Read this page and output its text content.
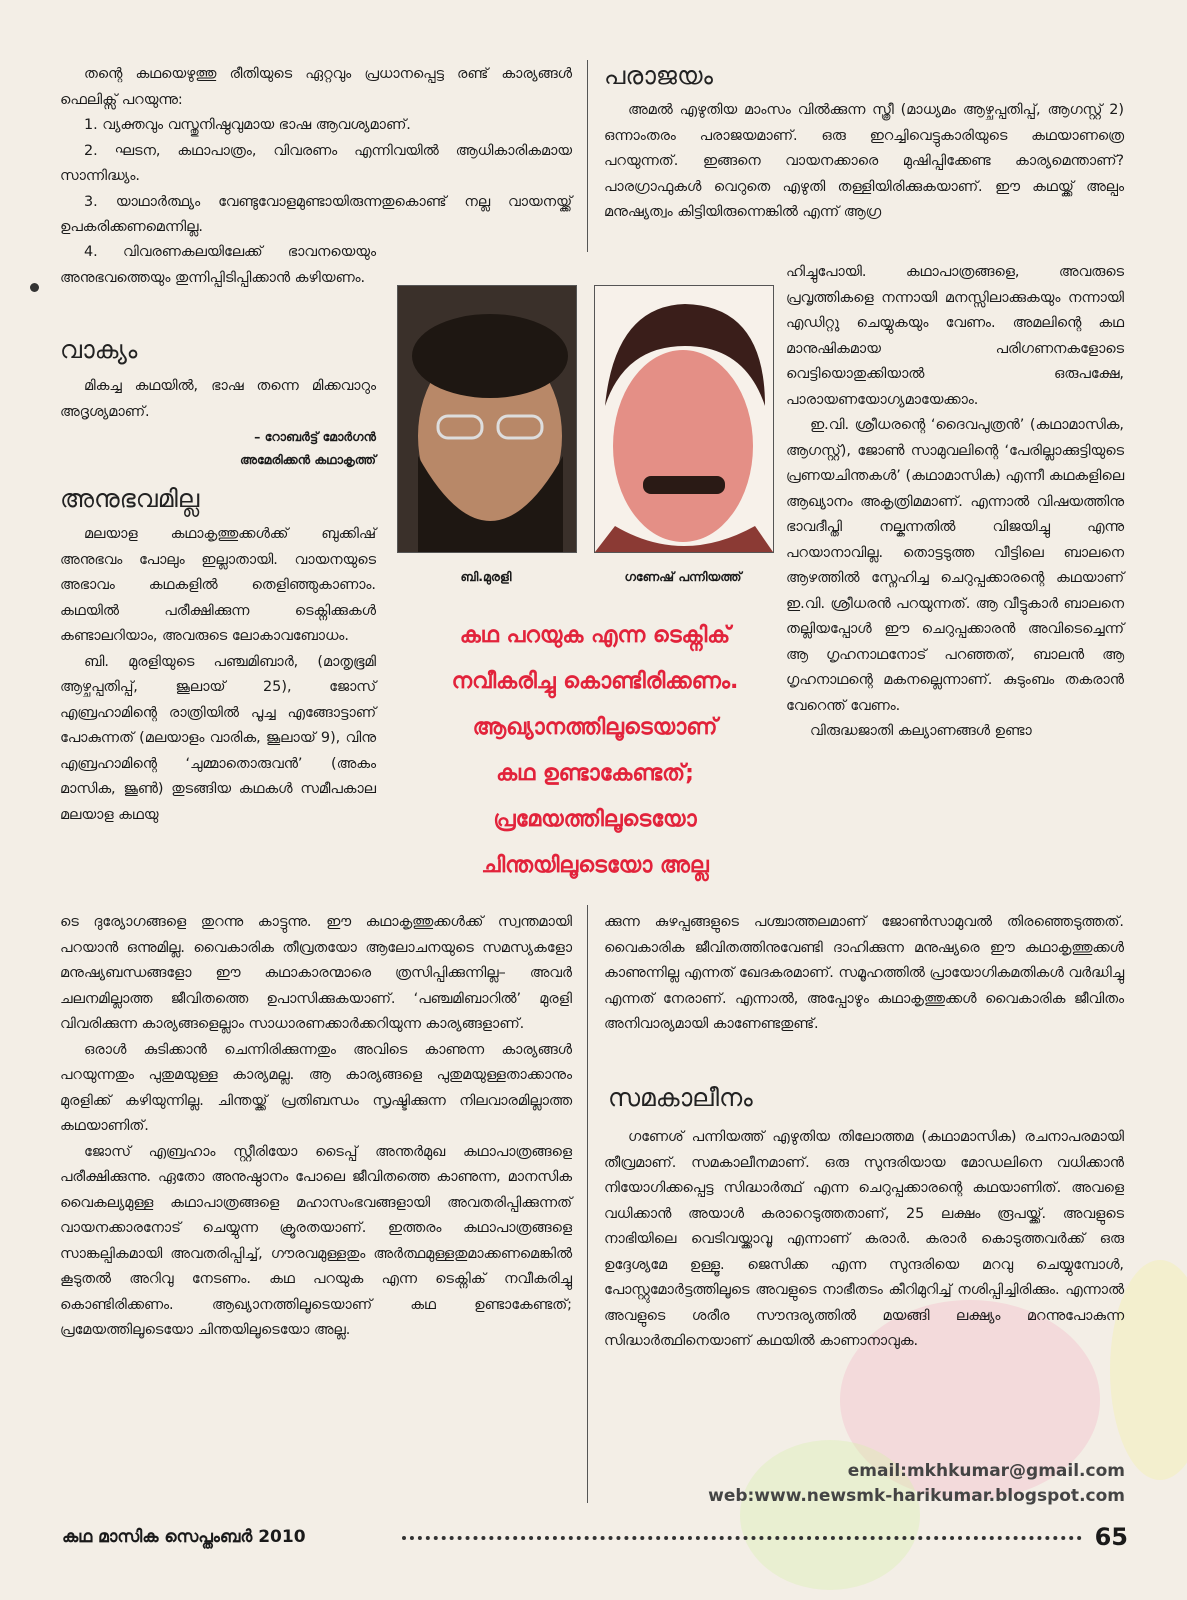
തന്റെ കഥയെഴുത്തു രീതിയുടെ ഏറ്റവും പ്രധാനപ്പെട്ട രണ്ട് കാര്യങ്ങൾ ഫെലിക്സ് പറയുന്നു:

1. വ്യക്തവും വസ്തുനിഷ്ഠവുമായ ഭാഷ ആവശ്യമാണ്.

2. ഘടന, കഥാപാത്രം, വിവരണം എന്നിവയിൽ ആധികാരികമായ സാന്നിദ്ധ്യം.

3. യാഥാർത്ഥ്യം വേണ്ടുവോളമുണ്ടായിരുന്നതുകൊണ്ട് നല്ല വായനയ്ക്ക് ഉപകരിക്കണമെന്നില്ല.

4. വിവരണകലയിലേക്ക് ഭാവനയെയും അനുഭവത്തെയും തുന്നിപ്പിടിപ്പിക്കാൻ കഴിയണം.

വാക്യം

മികച്ച കഥയിൽ, ഭാഷ തന്നെ മിക്കവാറും അദൃശ്യമാണ്.

– റോബർട്ട് മോർഗൻ

അമേരിക്കൻ കഥാകൃത്ത്

അനുഭവമില്ല

മലയാള കഥാകൃത്തുക്കൾക്ക് ബുക്കിഷ് അനുഭവം പോലും ഇല്ലാതായി. വായനയുടെ അഭാവം കഥകളിൽ തെളിഞ്ഞുകാണാം. കഥയിൽ പരീക്ഷിക്കുന്ന ടെക്നിക്കുകൾ കണ്ടാലറിയാം, അവരുടെ ലോകാവബോധം.

ബി. മുരളിയുടെ പഞ്ചമിബാർ, (മാതൃഭൂമി ആഴ്ചപ്പതിപ്പ്, ജൂലായ് 25), ജോസ് എബ്രഹാമിന്റെ രാത്രിയിൽ പൂച്ച എങ്ങോട്ടാണ് പോകുന്നത് (മലയാളം വാരിക, ജൂലായ് 9), വിനു എബ്രഹാമിന്റെ ‘ചുമ്മാതൊരുവൻ’ (അകം മാസിക, ജൂൺ) തുടങ്ങിയ കഥകൾ സമീപകാല മലയാള കഥയു

ടെ ദുര്യോഗങ്ങളെ തുറന്നു കാട്ടുന്നു. ഈ കഥാകൃത്തുക്കൾക്ക് സ്വന്തമായി പറയാൻ ഒന്നുമില്ല. വൈകാരിക തീവ്രതയോ ആലോചനയുടെ സമസ്യകളോ മനുഷ്യബന്ധങ്ങളോ ഈ കഥാകാരന്മാരെ ത്രസിപ്പിക്കുന്നില്ല– അവർ ചലനമില്ലാത്ത ജീവിതത്തെ ഉപാസിക്കുകയാണ്. ‘പഞ്ചമിബാറിൽ’ മുരളി വിവരിക്കുന്ന കാര്യങ്ങളെല്ലാം സാധാരണക്കാർക്കറിയുന്ന കാര്യങ്ങളാണ്.

ഒരാൾ കുടിക്കാൻ ചെന്നിരിക്കുന്നതും അവിടെ കാണുന്ന കാര്യങ്ങൾ പറയുന്നതും പുതുമയുള്ള കാര്യമല്ല. ആ കാര്യങ്ങളെ പുതുമയുള്ളതാക്കാനും മുരളിക്ക് കഴിയുന്നില്ല. ചിന്തയ്ക്ക് പ്രതിബന്ധം സൃഷ്ടിക്കുന്ന നിലവാരമില്ലാത്ത കഥയാണിത്.

ജോസ് എബ്രഹാം സ്റ്റീരിയോ ടൈപ്പ് അന്തർമുഖ കഥാപാത്രങ്ങളെ പരീക്ഷിക്കുന്നു. ഏതോ അനുഷ്ഠാനം പോലെ ജീവിതത്തെ കാണുന്ന, മാനസിക വൈകല്യമുള്ള കഥാപാത്രങ്ങളെ മഹാസംഭവങ്ങളായി അവതരിപ്പിക്കുന്നത് വായനക്കാരനോട് ചെയ്യുന്ന ക്രൂരതയാണ്. ഇത്തരം കഥാപാത്രങ്ങളെ സാങ്കല്പികമായി അവതരിപ്പിച്ച്, ഗൗരവമുള്ളതും അർത്ഥമുള്ളതുമാക്കണമെങ്കിൽ കൂടുതൽ അറിവു നേടണം. കഥ പറയുക എന്ന ടെക്നിക് നവീകരിച്ചു കൊണ്ടിരിക്കണം. ആഖ്യാനത്തിലൂടെയാണ് കഥ ഉണ്ടാകേണ്ടത്; പ്രമേയത്തിലൂടെയോ ചിന്തയിലൂടെയോ അല്ല.

പരാജയം

അമൽ എഴുതിയ മാംസം വിൽക്കുന്ന സ്ത്രീ (മാധ്യമം ആഴ്ചപ്പതിപ്പ്, ആഗസ്റ്റ് 2) ഒന്നാംതരം പരാജയമാണ്. ഒരു ഇറച്ചിവെട്ടുകാരിയുടെ കഥയാണത്രെ പറയുന്നത്. ഇങ്ങനെ വായനക്കാരെ മുഷിപ്പിക്കേണ്ട കാര്യമെന്താണ്? പാരഗ്രാഫുകൾ വെറുതെ എഴുതി തള്ളിയിരിക്കുകയാണ്. ഈ കഥയ്ക്ക് അല്പം മനുഷ്യത്വം കിട്ടിയിരുന്നെങ്കിൽ എന്ന് ആഗ്ര

ഹിച്ചുപോയി. കഥാപാത്രങ്ങളെ, അവരുടെ പ്രവൃത്തികളെ നന്നായി മനസ്സിലാക്കുകയും നന്നായി എഡിറ്റു ചെയ്യുകയും വേണം. അമലിന്റെ കഥ മാനുഷികമായ പരിഗണനകളോടെ വെട്ടിയൊതുക്കിയാൽ ഒരുപക്ഷേ, പാരായണയോഗ്യമായേക്കാം.

ഇ.വി. ശ്രീധരന്റെ ‘ദൈവപുത്രൻ’ (കഥാമാസിക, ആഗസ്റ്റ്), ജോൺ സാമുവലിന്റെ ‘പേരില്ലാക്കുട്ടിയുടെ പ്രണയചിന്തകൾ’ (കഥാമാസിക) എന്നീ കഥകളിലെ ആഖ്യാനം അകൃത്രിമമാണ്. എന്നാൽ വിഷയത്തിനു ഭാവദീപ്തി നല്കുന്നതിൽ വിജയിച്ചു എന്നു പറയാനാവില്ല. തൊട്ടടുത്ത വീട്ടിലെ ബാലനെ ആഴത്തിൽ സ്നേഹിച്ച ചെറുപ്പക്കാരന്റെ കഥയാണ് ഇ.വി. ശ്രീധരൻ പറയുന്നത്. ആ വീട്ടുകാർ ബാലനെ തല്ലിയപ്പോൾ ഈ ചെറുപ്പക്കാരൻ അവിടെച്ചെന്ന് ആ ഗൃഹനാഥനോട് പറഞ്ഞത്, ബാലൻ ആ ഗൃഹനാഥന്റെ മകനല്ലെന്നാണ്. കുടുംബം തകരാൻ വേറെന്ത് വേണം.

വിരുദ്ധജാതി കല്യാണങ്ങൾ ഉണ്ടാ

ക്കുന്ന കുഴപ്പങ്ങളുടെ പശ്ചാത്തലമാണ് ജോൺസാമുവൽ തിരഞ്ഞെടുത്തത്. വൈകാരിക ജീവിതത്തിനുവേണ്ടി ദാഹിക്കുന്ന മനുഷ്യരെ ഈ കഥാകൃത്തുക്കൾ കാണുന്നില്ല എന്നത് ഖേദകരമാണ്. സമൂഹത്തിൽ പ്രായോഗികമതികൾ വർദ്ധിച്ചു എന്നത് നേരാണ്. എന്നാൽ, അപ്പോഴും കഥാകൃത്തുക്കൾ വൈകാരിക ജീവിതം അനിവാര്യമായി കാണേണ്ടതുണ്ട്.

സമകാലീനം

ഗണേശ് പന്നിയത്ത് എഴുതിയ തിലോത്തമ (കഥാമാസിക) രചനാപരമായി തീവ്രമാണ്. സമകാലീനമാണ്. ഒരു സുന്ദരിയായ മോഡലിനെ വധിക്കാൻ നിയോഗിക്കപ്പെട്ട സിദ്ധാർത്ഥ് എന്ന ചെറുപ്പക്കാരന്റെ കഥയാണിത്. അവളെ വധിക്കാൻ അയാൾ കരാറെടുത്തതാണ്, 25 ലക്ഷം രൂപയ്ക്ക്. അവളുടെ നാഭിയിലെ വെടിവയ്ക്കാവൂ എന്നാണ് കരാർ. കരാർ കൊടുത്തവർക്ക് ഒരു ഉദ്ദേശ്യമേ ഉള്ളൂ. ജെസിക്ക എന്ന സുന്ദരിയെ മറവു ചെയ്യുമ്പോൾ, പോസ്റ്റുമോർട്ടത്തിലൂടെ അവളുടെ നാഭീതടം കീറിമുറിച്ച് നശിപ്പിച്ചിരിക്കും. എന്നാൽ അവളുടെ ശരീര സൗന്ദര്യത്തിൽ മയങ്ങി ലക്ഷ്യം മറന്നുപോകുന്ന സിദ്ധാർത്ഥിനെയാണ് കഥയിൽ കാണാനാവുക.

ബി.മുരളി	ഗണേഷ് പന്നിയത്ത്
കഥ പറയുക എന്ന ടെക്നിക്
നവീകരിച്ചു കൊണ്ടിരിക്കണം.
ആഖ്യാനത്തിലൂടെയാണ്
കഥ ഉണ്ടാകേണ്ടത്;
പ്രമേയത്തിലൂടെയോ
ചിന്തയിലൂടെയോ അല്ല
email:mkhkumar@gmail.com
web:www.newsmk-harikumar.blogspot.com
കഥ മാസിക സെപ്തംബർ 2010	65
